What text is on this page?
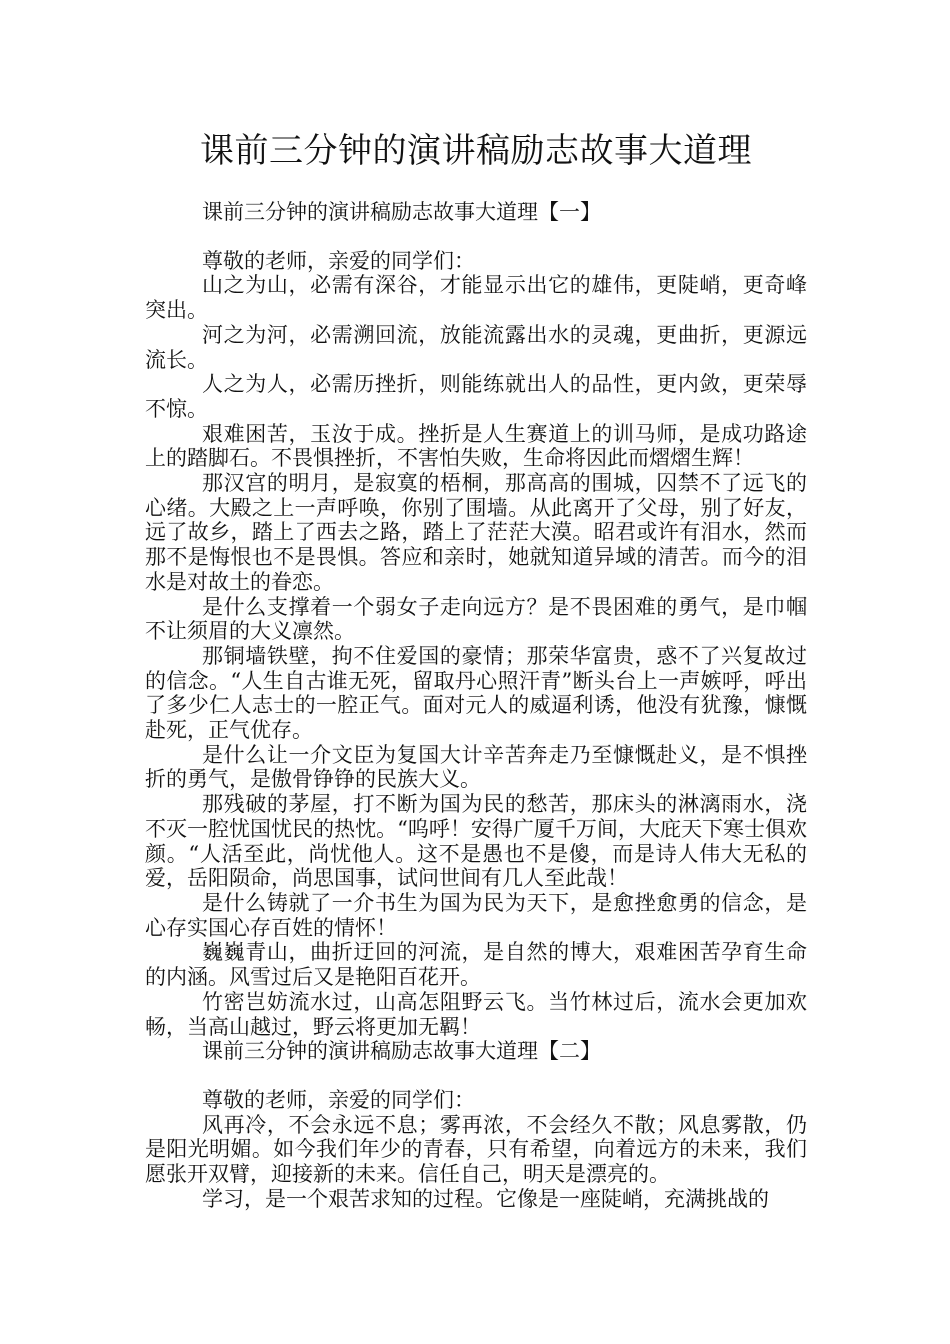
课前三分钟的演讲稿励志故事大道理

课前三分钟的演讲稿励志故事大道理【一】

尊敬的老师，亲爱的同学们：

山之为山，必需有深谷，才能显示出它的雄伟，更陡峭，更奇峰突出。

河之为河，必需溯回流，放能流露出水的灵魂，更曲折，更源远流长。

人之为人，必需历挫折，则能练就出人的品性，更内敛，更荣辱不惊。

艰难困苦，玉汝于成。挫折是人生赛道上的训马师，是成功路途上的踏脚石。不畏惧挫折，不害怕失败，生命将因此而熠熠生辉！

那汉宫的明月，是寂寞的梧桐，那高高的围城，囚禁不了远飞的心绪。大殿之上一声呼唤，你别了围墙。从此离开了父母，别了好友，远了故乡，踏上了西去之路，踏上了茫茫大漠。昭君或许有泪水，然而那不是悔恨也不是畏惧。答应和亲时，她就知道异域的清苦。而今的泪水是对故土的眷恋。

是什么支撑着一个弱女子走向远方？是不畏困难的勇气，是巾帼不让须眉的大义凛然。

那铜墙铁壁，拘不住爱国的豪情；那荣华富贵，惑不了兴复故过的信念。“人生自古谁无死，留取丹心照汗青”断头台上一声嫉呼，呼出了多少仁人志士的一腔正气。面对元人的威逼利诱，他没有犹豫，慷慨赴死，正气优存。

是什么让一介文臣为复国大计辛苦奔走乃至慷慨赴义，是不惧挫折的勇气，是傲骨铮铮的民族大义。

那残破的茅屋，打不断为国为民的愁苦，那床头的淋漓雨水，浇不灭一腔忧国忧民的热忱。“呜呼！安得广厦千万间，大庇天下寒士俱欢颜。“人活至此，尚忧他人。这不是愚也不是傻，而是诗人伟大无私的爱，岳阳陨命，尚思国事，试问世间有几人至此哉！

是什么铸就了一介书生为国为民为天下，是愈挫愈勇的信念，是心存实国心存百姓的情怀！

巍巍青山，曲折迂回的河流，是自然的博大，艰难困苦孕育生命的内涵。风雪过后又是艳阳百花开。

竹密岂妨流水过，山高怎阻野云飞。当竹林过后，流水会更加欢畅，当高山越过，野云将更加无羁！

课前三分钟的演讲稿励志故事大道理【二】

尊敬的老师，亲爱的同学们：

风再冷，不会永远不息；雾再浓，不会经久不散；风息雾散，仍是阳光明媚。如今我们年少的青春，只有希望，向着远方的未来，我们愿张开双臂，迎接新的未来。信任自己，明天是漂亮的。

学习，是一个艰苦求知的过程。它像是一座陡峭，充满挑战的
